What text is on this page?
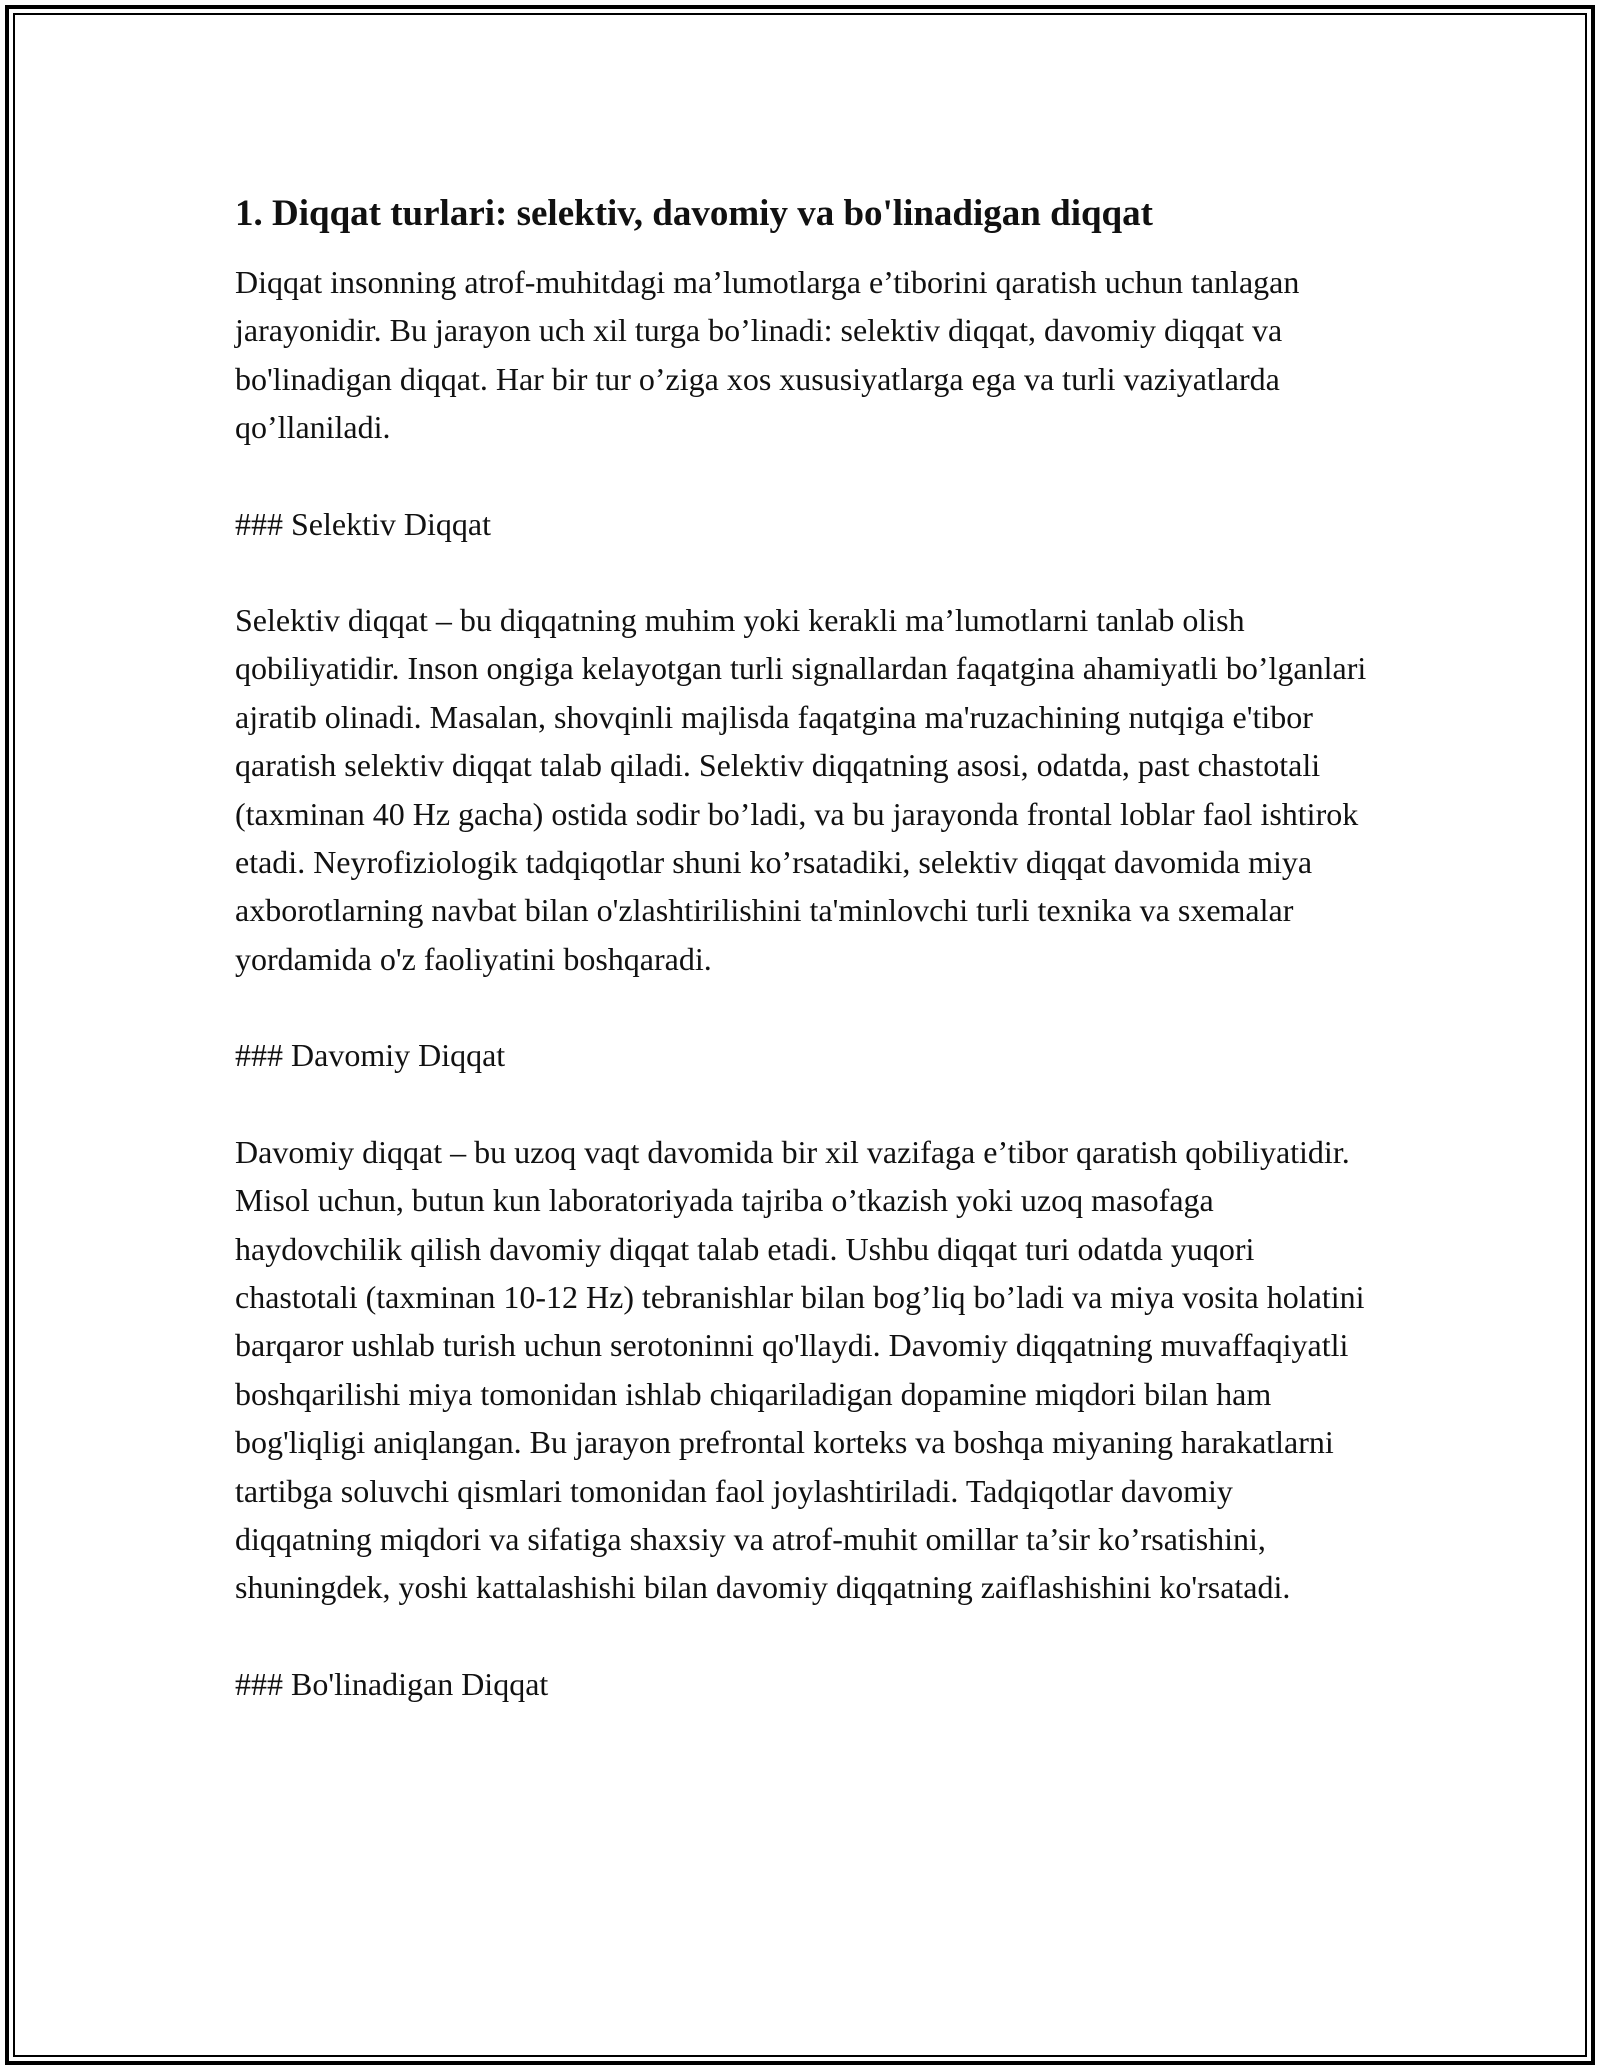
1. Diqqat turlari: selektiv, davomiy va bo'linadigan diqqat

Diqqat insonning atrof-muhitdagi ma’lumotlarga e’tiborini qaratish uchun tanlagan jarayonidir. Bu jarayon uch xil turga bo’linadi: selektiv diqqat, davomiy diqqat va bo'linadigan diqqat. Har bir tur o’ziga xos xususiyatlarga ega va turli vaziyatlarda qo’llaniladi.

### Selektiv Diqqat

Selektiv diqqat – bu diqqatning muhim yoki kerakli ma’lumotlarni tanlab olish qobiliyatidir. Inson ongiga kelayotgan turli signallardan faqatgina ahamiyatli bo’lganlari ajratib olinadi. Masalan, shovqinli majlisda faqatgina ma'ruzachining nutqiga e'tibor qaratish selektiv diqqat talab qiladi. Selektiv diqqatning asosi, odatda, past chastotali (taxminan 40 Hz gacha) ostida sodir bo’ladi, va bu jarayonda frontal loblar faol ishtirok etadi. Neyrofiziologik tadqiqotlar shuni ko’rsatadiki, selektiv diqqat davomida miya axborotlarning navbat bilan o'zlashtirilishini ta'minlovchi turli texnika va sxemalar yordamida o'z faoliyatini boshqaradi.

### Davomiy Diqqat

Davomiy diqqat – bu uzoq vaqt davomida bir xil vazifaga e’tibor qaratish qobiliyatidir. Misol uchun, butun kun laboratoriyada tajriba o’tkazish yoki uzoq masofaga haydovchilik qilish davomiy diqqat talab etadi. Ushbu diqqat turi odatda yuqori chastotali (taxminan 10-12 Hz) tebranishlar bilan bog’liq bo’ladi va miya vosita holatini barqaror ushlab turish uchun serotoninni qo'llaydi. Davomiy diqqatning muvaffaqiyatli boshqarilishi miya tomonidan ishlab chiqariladigan dopamine miqdori bilan ham bog'liqligi aniqlangan. Bu jarayon prefrontal korteks va boshqa miyaning harakatlarni tartibga soluvchi qismlari tomonidan faol joylashtiriladi. Tadqiqotlar davomiy diqqatning miqdori va sifatiga shaxsiy va atrof-muhit omillar ta’sir ko’rsatishini, shuningdek, yoshi kattalashishi bilan davomiy diqqatning zaiflashishini ko'rsatadi.

### Bo'linadigan Diqqat
